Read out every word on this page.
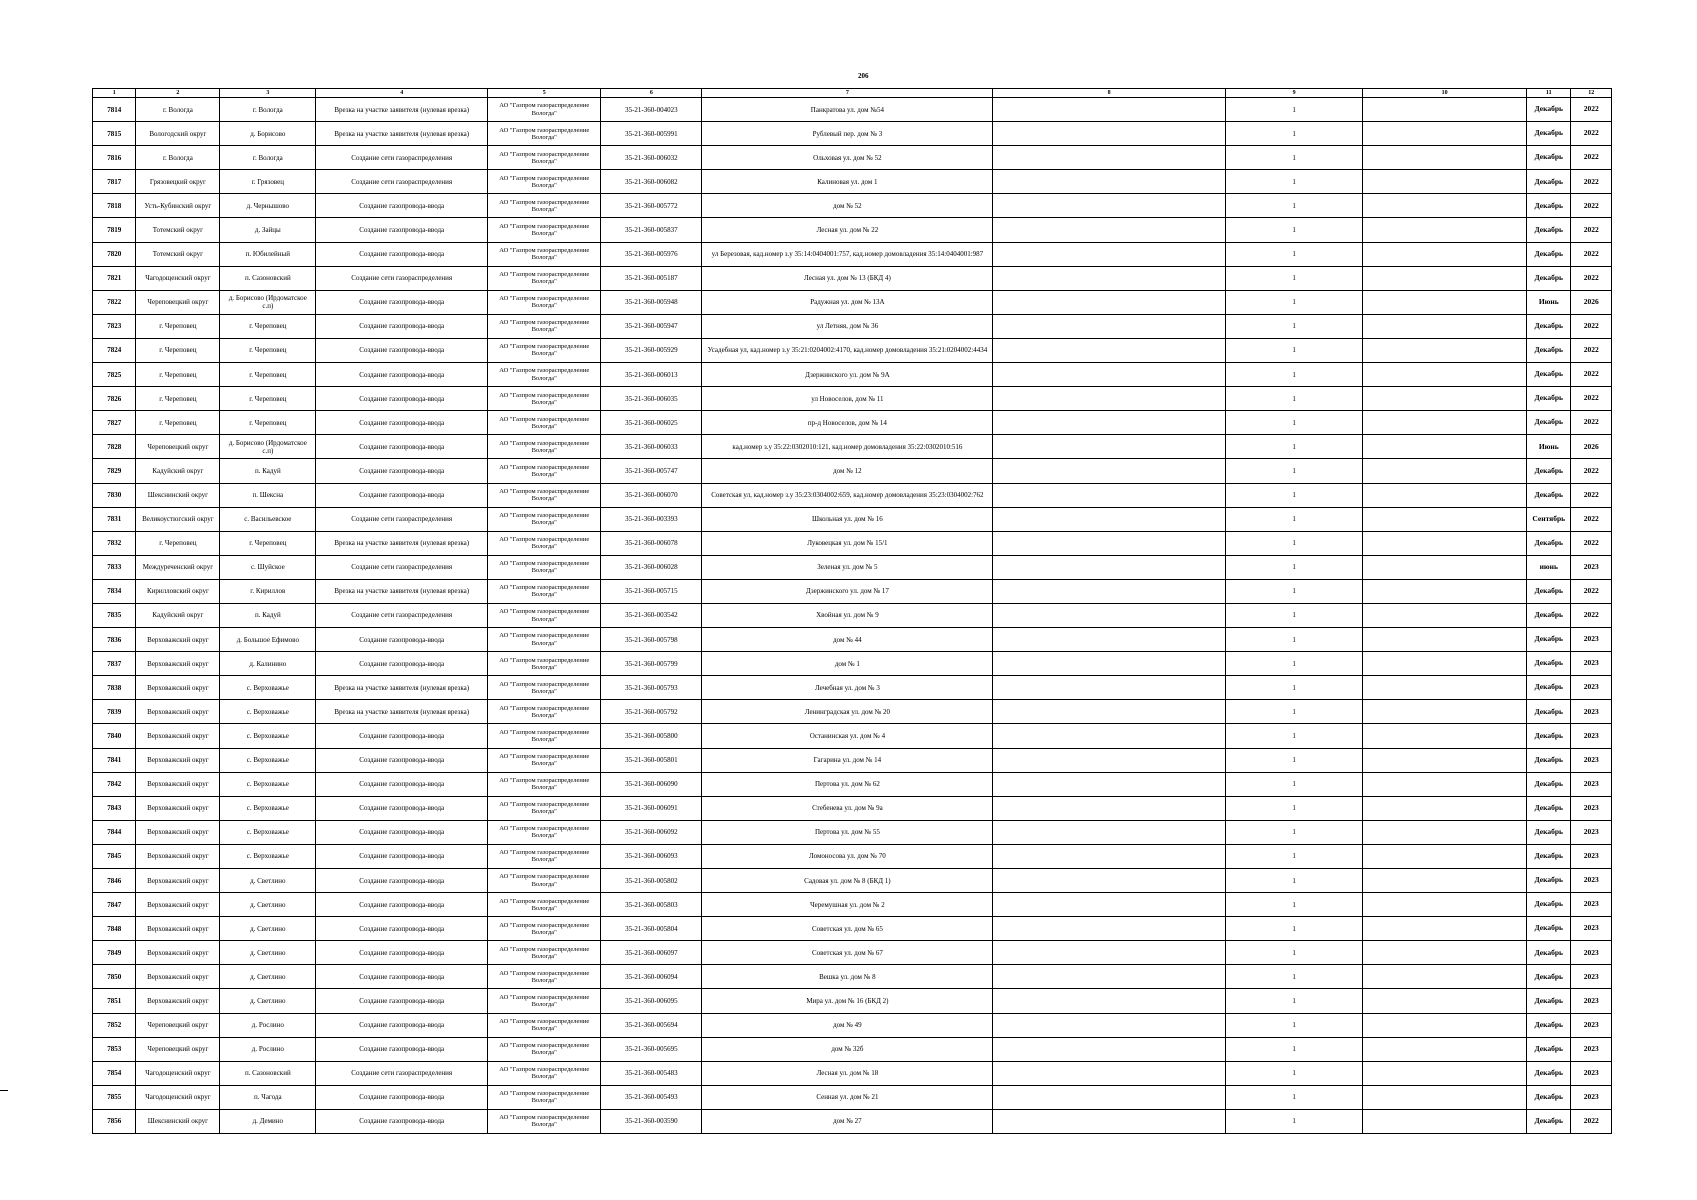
206
1	2	3	4	5	6	7	8	9	10	11	12
7814	г. Вологда	г. Вологда	Врезка на участке заявителя (нулевая врезка)	АО "Газпром газораспределение Вологда"	35-21-360-004023	Панкратова ул. дом №54		1		Декабрь	2022
7815	Вологодский округ	д. Борисово	Врезка на участке заявителя (нулевая врезка)	АО "Газпром газораспределение Вологда"	35-21-360-005991	Рублевый пер. дом № 3		1		Декабрь	2022
7816	г. Вологда	г. Вологда	Создание сети газораспределения	АО "Газпром газораспределение Вологда"	35-21-360-006032	Ольховая ул. дом № 52		1		Декабрь	2022
7817	Грязовецкий округ	г. Грязовец	Создание сети газораспределения	АО "Газпром газораспределение Вологда"	35-21-360-006082	Калиновая ул. дом 1		1		Декабрь	2022
7818	Усть-Кубинский округ	д. Чернышово	Создание газопровода-ввода	АО "Газпром газораспределение Вологда"	35-21-360-005772	дом № 52		1		Декабрь	2022
7819	Тотемский округ	д. Зайцы	Создание газопровода-ввода	АО "Газпром газораспределение Вологда"	35-21-360-005837	Лесная ул. дом № 22		1		Декабрь	2022
7820	Тотемский округ	п. Юбилейный	Создание газопровода-ввода	АО "Газпром газораспределение Вологда"	35-21-360-005976	ул Березовая, кад.номер з.у 35:14:0404001:757, кад.номер домовладения 35:14:0404001:987		1		Декабрь	2022
7821	Чагодощенский округ	п. Сазоновский	Создание сети газораспределения	АО "Газпром газораспределение Вологда"	35-21-360-005187	Лесная ул. дом № 13 (БКД 4)		1		Декабрь	2022
7822	Череповецкий округ	д. Борисово (Ирдоматское с.п)	Создание газопровода-ввода	АО "Газпром газораспределение Вологда"	35-21-360-005948	Радужная ул. дом № 13А		1		Июнь	2026
7823	г. Череповец	г. Череповец	Создание газопровода-ввода	АО "Газпром газораспределение Вологда"	35-21-360-005947	ул Летняя, дом № 36		1		Декабрь	2022
7824	г. Череповец	г. Череповец	Создание газопровода-ввода	АО "Газпром газораспределение Вологда"	35-21-360-005929	Усадебная ул, кад.номер з.у 35:21:0204002:4170, кад.номер домовладения 35:21:0204002:4434		1		Декабрь	2022
7825	г. Череповец	г. Череповец	Создание газопровода-ввода	АО "Газпром газораспределение Вологда"	35-21-360-006013	Дзержинского ул. дом № 9А		1		Декабрь	2022
7826	г. Череповец	г. Череповец	Создание газопровода-ввода	АО "Газпром газораспределение Вологда"	35-21-360-006035	ул Новоселов, дом № 11		1		Декабрь	2022
7827	г. Череповец	г. Череповец	Создание газопровода-ввода	АО "Газпром газораспределение Вологда"	35-21-360-006025	пр-д Новоселов, дом № 14		1		Декабрь	2022
7828	Череповецкий округ	д. Борисово (Ирдоматское с.п)	Создание газопровода-ввода	АО "Газпром газораспределение Вологда"	35-21-360-006033	кад.номер з.у 35:22:0302010:121, кад.номер домовладения 35:22:0302010:516		1		Июнь	2026
7829	Кадуйский округ	п. Кадуй	Создание газопровода-ввода	АО "Газпром газораспределение Вологда"	35-21-360-005747	дом № 12		1		Декабрь	2022
7830	Шекснинский округ	п. Шексна	Создание газопровода-ввода	АО "Газпром газораспределение Вологда"	35-21-360-006070	Советская ул, кад.номер з.у 35:23:0304002:659, кад.номер домовладения 35:23:0304002:762		1		Декабрь	2022
7831	Великоустюгский округ	с. Васильевское	Создание сети газораспределения	АО "Газпром газораспределение Вологда"	35-21-360-003393	Школьная ул. дом № 16		1		Сентябрь	2022
7832	г. Череповец	г. Череповец	Врезка на участке заявителя (нулевая врезка)	АО "Газпром газораспределение Вологда"	35-21-360-006078	Луковецкая ул. дом № 15/1		1		Декабрь	2022
7833	Междуреченский округ	с. Шуйское	Создание сети газораспределения	АО "Газпром газораспределение Вологда"	35-21-360-006028	Зеленая ул. дом № 5		1		июнь	2023
7834	Кирилловский округ	г. Кириллов	Врезка на участке заявителя (нулевая врезка)	АО "Газпром газораспределение Вологда"	35-21-360-005715	Дзержинского ул. дом № 17		1		Декабрь	2022
7835	Кадуйский округ	п. Кадуй	Создание сети газораспределения	АО "Газпром газораспределение Вологда"	35-21-360-003542	Хвойная ул. дом № 9		1		Декабрь	2022
7836	Верховажский округ	д. Большое Ефимово	Создание газопровода-ввода	АО "Газпром газораспределение Вологда"	35-21-360-005798	дом № 44		1		Декабрь	2023
7837	Верховажский округ	д. Калинино	Создание газопровода-ввода	АО "Газпром газораспределение Вологда"	35-21-360-005799	дом № 1		1		Декабрь	2023
7838	Верховажский округ	с. Верховажье	Врезка на участке заявителя (нулевая врезка)	АО "Газпром газораспределение Вологда"	35-21-360-005793	Лечебная ул. дом № 3		1		Декабрь	2023
7839	Верховажский округ	с. Верховажье	Врезка на участке заявителя (нулевая врезка)	АО "Газпром газораспределение Вологда"	35-21-360-005792	Ленинградская ул. дом № 20		1		Декабрь	2023
7840	Верховажский округ	с. Верховажье	Создание газопровода-ввода	АО "Газпром газораспределение Вологда"	35-21-360-005800	Останинская ул. дом № 4		1		Декабрь	2023
7841	Верховажский округ	с. Верховажье	Создание газопровода-ввода	АО "Газпром газораспределение Вологда"	35-21-360-005801	Гагарина ул. дом № 14		1		Декабрь	2023
7842	Верховажский округ	с. Верховажье	Создание газопровода-ввода	АО "Газпром газораспределение Вологда"	35-21-360-006090	Пертова ул. дом № 62		1		Декабрь	2023
7843	Верховажский округ	с. Верховажье	Создание газопровода-ввода	АО "Газпром газораспределение Вологда"	35-21-360-006091	Стебенева ул. дом № 9а		1		Декабрь	2023
7844	Верховажский округ	с. Верховажье	Создание газопровода-ввода	АО "Газпром газораспределение Вологда"	35-21-360-006092	Пертова ул. дом № 55		1		Декабрь	2023
7845	Верховажский округ	с. Верховажье	Создание газопровода-ввода	АО "Газпром газораспределение Вологда"	35-21-360-006093	Ломоносова ул. дом № 70		1		Декабрь	2023
7846	Верховажский округ	д. Светлино	Создание газопровода-ввода	АО "Газпром газораспределение Вологда"	35-21-360-005802	Садовая ул. дом № 8 (БКД 1)		1		Декабрь	2023
7847	Верховажский округ	д. Светлино	Создание газопровода-ввода	АО "Газпром газораспределение Вологда"	35-21-360-005803	Черемушная ул. дом № 2		1		Декабрь	2023
7848	Верховажский округ	д. Светлино	Создание газопровода-ввода	АО "Газпром газораспределение Вологда"	35-21-360-005804	Советская ул. дом № 65		1		Декабрь	2023
7849	Верховажский округ	д. Светлино	Создание газопровода-ввода	АО "Газпром газораспределение Вологда"	35-21-360-006097	Советская ул. дом № 67		1		Декабрь	2023
7850	Верховажский округ	д. Светлино	Создание газопровода-ввода	АО "Газпром газораспределение Вологда"	35-21-360-006094	Вешка ул. дом № 8		1		Декабрь	2023
7851	Верховажский округ	д. Светлино	Создание газопровода-ввода	АО "Газпром газораспределение Вологда"	35-21-360-006095	Мира ул. дом № 16 (БКД 2)		1		Декабрь	2023
7852	Череповецкий округ	д. Рослино	Создание газопровода-ввода	АО "Газпром газораспределение Вологда"	35-21-360-005694	дом № 49		1		Декабрь	2023
7853	Череповецкий округ	д. Рослино	Создание газопровода-ввода	АО "Газпром газораспределение Вологда"	35-21-360-005695	дом № 32б		1		Декабрь	2023
7854	Чагодощенский округ	п. Сазоновский	Создание сети газораспределения	АО "Газпром газораспределение Вологда"	35-21-360-005483	Лесная ул. дом № 18		1		Декабрь	2023
7855	Чагодощенский округ	п. Чагода	Создание газопровода-ввода	АО "Газпром газораспределение Вологда"	35-21-360-005493	Сенная ул. дом № 21		1		Декабрь	2023
7856	Шекснинский округ	д. Демино	Создание газопровода-ввода	АО "Газпром газораспределение Вологда"	35-21-360-003590	дом № 27		1		Декабрь	2022
